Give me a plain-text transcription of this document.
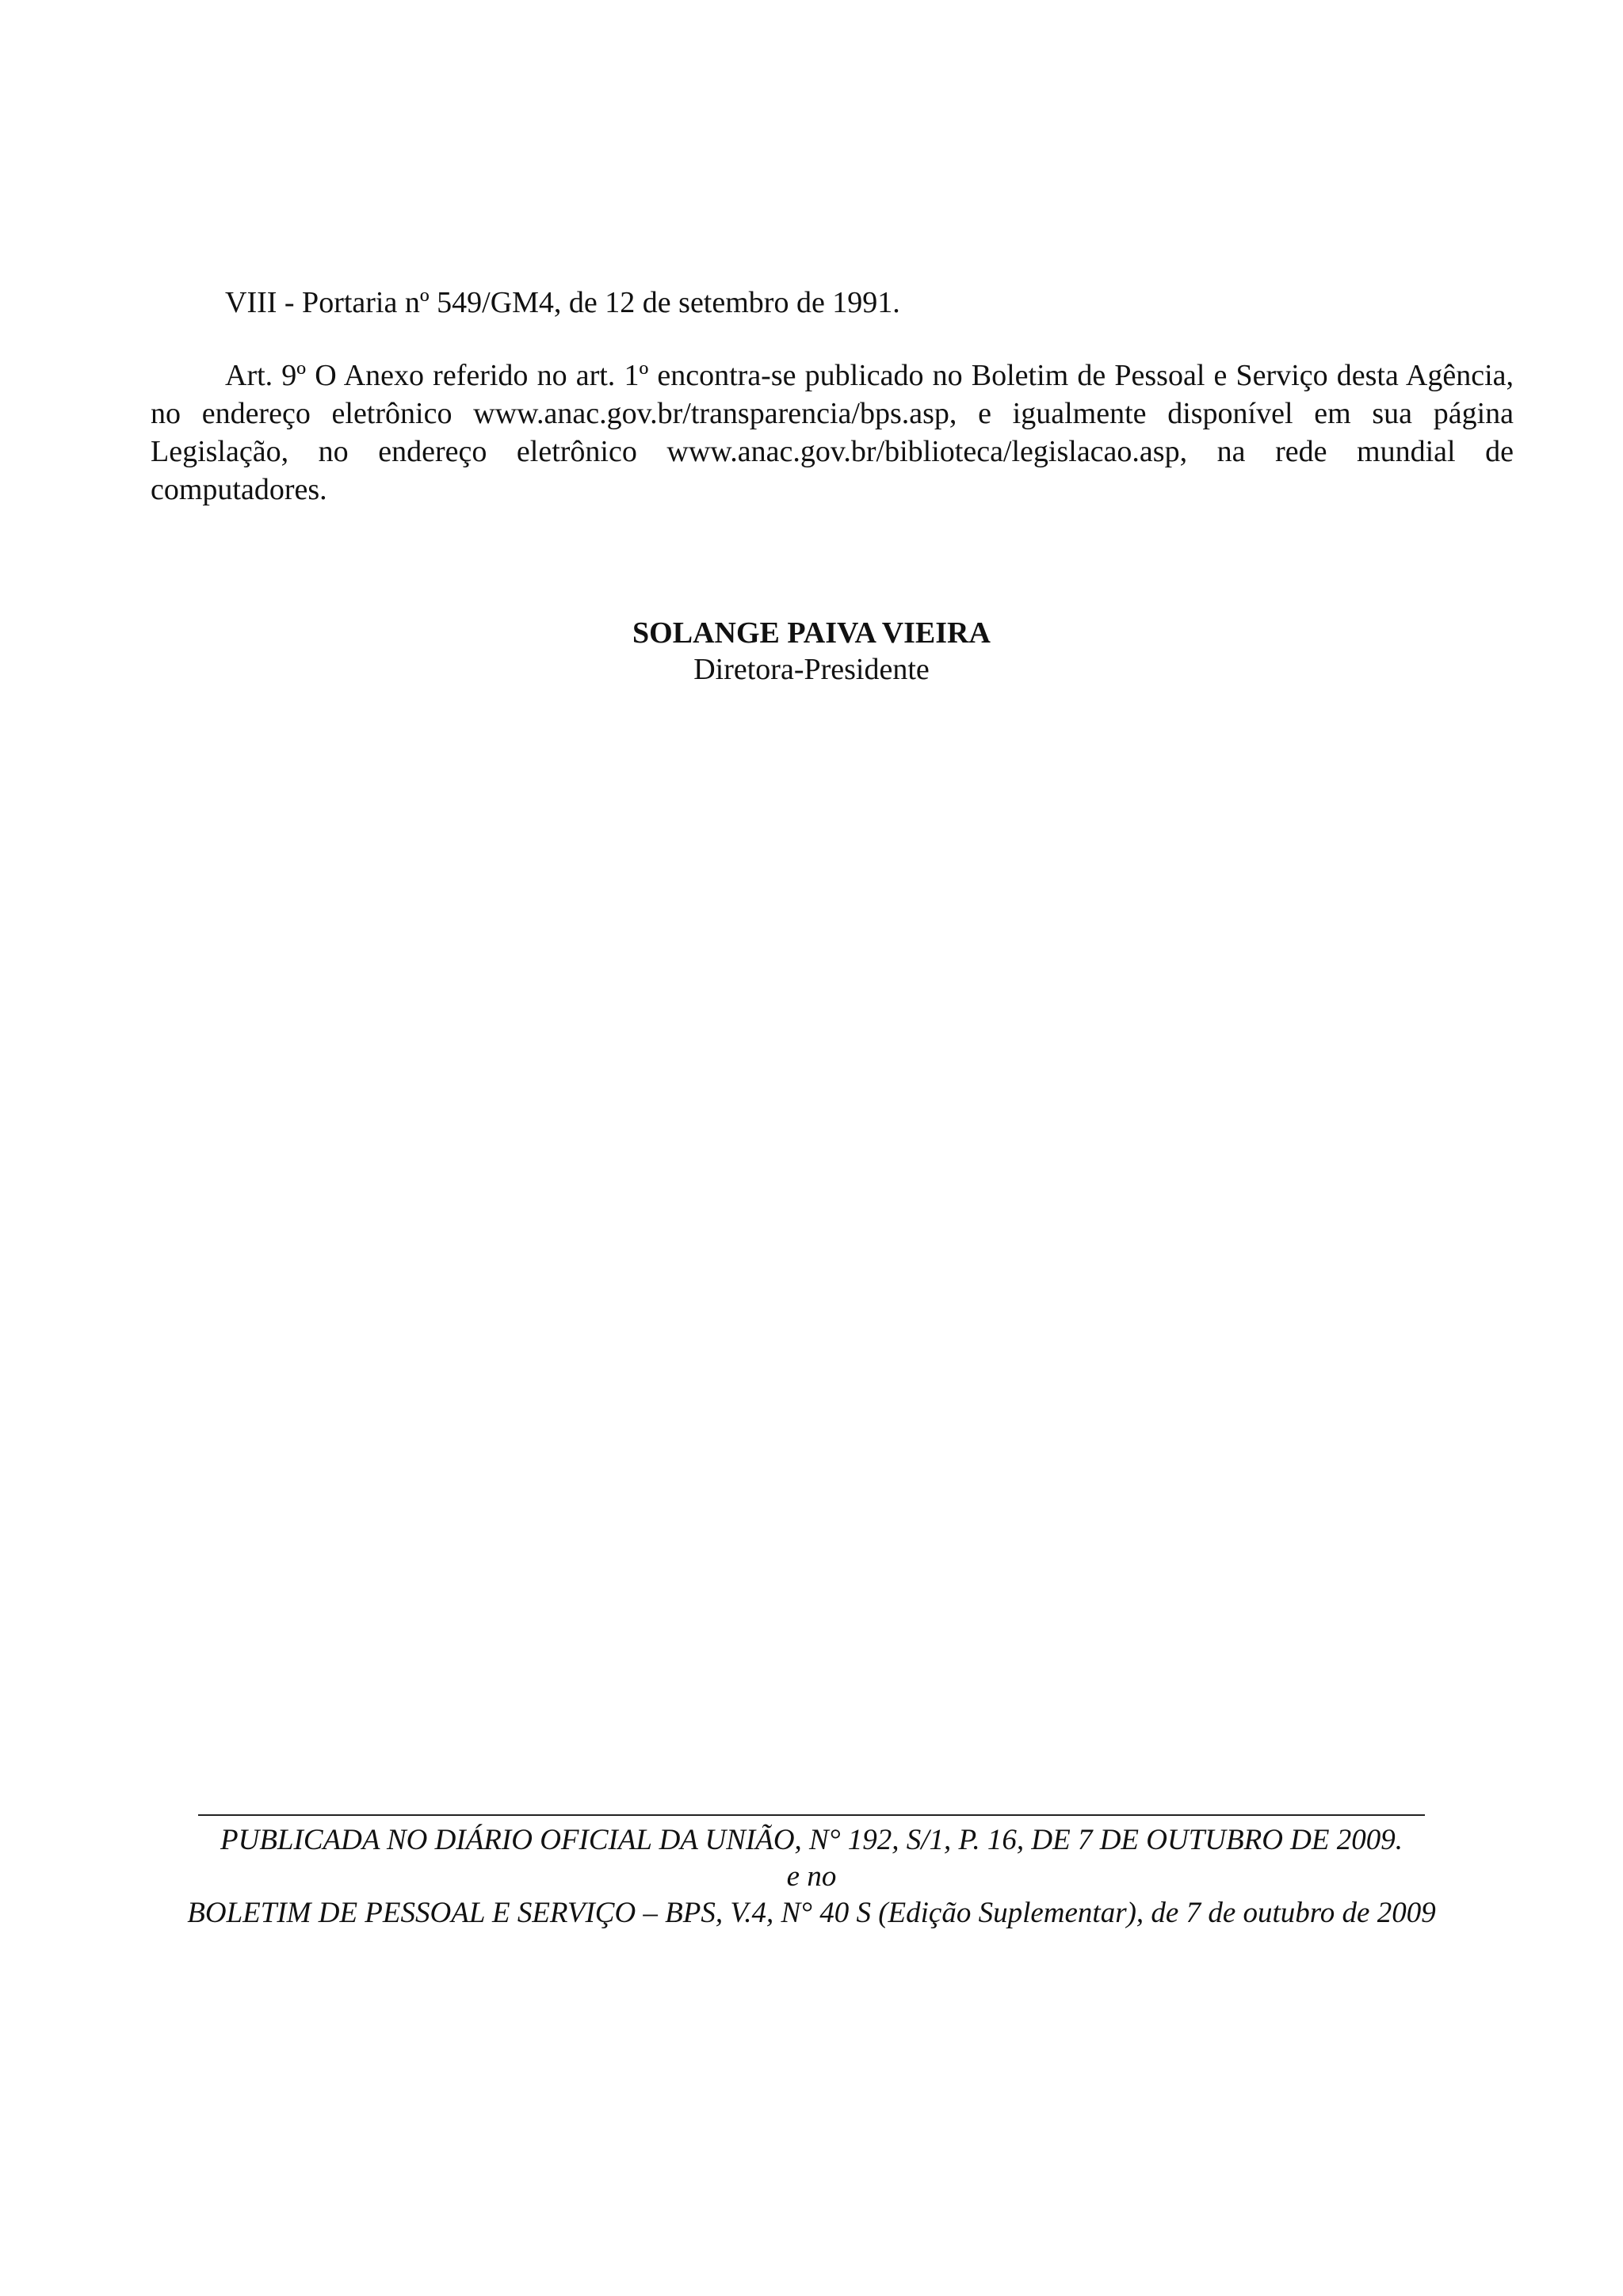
VIII - Portaria nº 549/GM4, de 12 de setembro de 1991.
Art. 9º O Anexo referido no art. 1º encontra-se publicado no Boletim de Pessoal e Serviço desta Agência, no endereço eletrônico www.anac.gov.br/transparencia/bps.asp, e igualmente disponível em sua página Legislação, no endereço eletrônico www.anac.gov.br/biblioteca/legislacao.asp, na rede mundial de computadores.
SOLANGE PAIVA VIEIRA
Diretora-Presidente
PUBLICADA NO DIÁRIO OFICIAL DA UNIÃO, N° 192, S/1, P. 16, DE 7 DE OUTUBRO DE 2009.
e no
BOLETIM DE PESSOAL E SERVIÇO – BPS, V.4, N° 40 S (Edição Suplementar), de 7 de outubro de 2009
